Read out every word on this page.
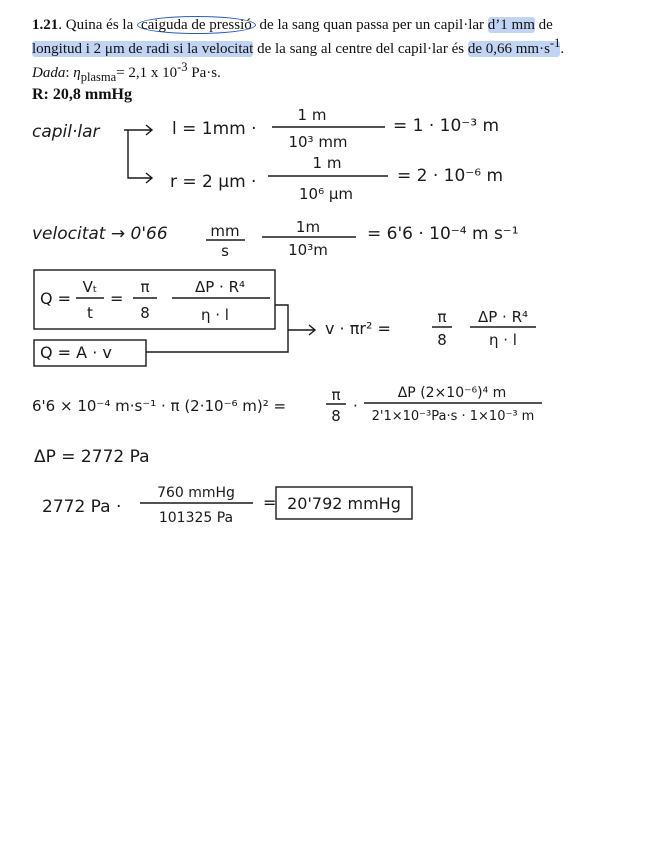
1.21. Quina és la caiguda de pressió de la sang quan passa per un capil·lar d’1 mm de
longitud i 2 μm de radi si la velocitat de la sang al centre del capil·lar és de 0,66 $mm\cdot s^{-1}$.

Dada: $\eta_{plasma}= 2,1$ x $10^{-3}$ Pa·s.

R: 20,8 mmHg

capil·lar	l = 1mm ·
1 m
10³ mm
= 1 · 10⁻³ m
r = 2 μm ·
1 m
10⁶ μm
= 2 · 10⁻⁶ m
velocitat → 0'66	mm
s
1m
10³m
= 6'6 · 10⁻⁴ m s⁻¹
Q =
Vₜ
t
=
π
8
ΔP · R⁴
η · l
Q = A · v
v · πr² =
π
8
ΔP · R⁴
η · l
6'6 × 10⁻⁴ m·s⁻¹ · π (2·10⁻⁶ m)² =
π
8
·
ΔP (2×10⁻⁶)⁴ m
2'1×10⁻³Pa·s · 1×10⁻³ m
ΔP = 2772 Pa
2772 Pa ·
760 mmHg
101325 Pa
= 20'792 mmHg
